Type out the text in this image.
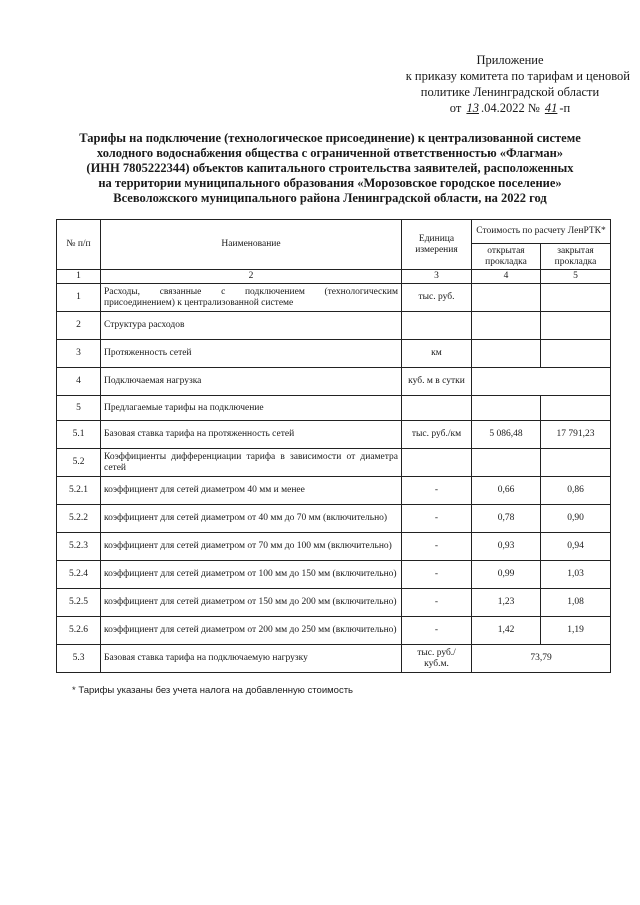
Приложение
к приказу комитета по тарифам и ценовой
политике Ленинградской области
от 13 .04.2022 № 41 -п
Тарифы на подключение (технологическое присоединение) к централизованной системе
холодного водоснабжения общества с ограниченной ответственностью «Флагман»
(ИНН 7805222344) объектов капитального строительства заявителей, расположенных
на территории муниципального образования «Морозовское городское поселение»
Всеволожского муниципального района Ленинградской области, на 2022 год
№ п/п	Наименование	Единица измерения	Стоимость по расчету ЛенРТК*	
			открытая прокладка	закрытая прокладка
1	2	3	4	5
1	Расходы, связанные с подключением (технологическим присоединением) к централизованной системе	тыс. руб.		
2	Структура расходов			
3	Протяженность сетей	км		
4	Подключаемая нагрузка	куб. м в сутки		
5	Предлагаемые тарифы на подключение			
5.1	Базовая ставка тарифа на протяженность сетей	тыс. руб./км	5 086,48	17 791,23
5.2	Коэффициенты дифференциации тарифа в зависимости от диаметра сетей			
5.2.1	коэффициент для сетей диаметром 40 мм и менее	-	0,66	0,86
5.2.2	коэффициент для сетей диаметром от 40 мм до 70 мм (включительно)	-	0,78	0,90
5.2.3	коэффициент для сетей диаметром от 70 мм до 100 мм (включительно)	-	0,93	0,94
5.2.4	коэффициент для сетей диаметром от 100 мм до 150 мм (включительно)	-	0,99	1,03
5.2.5	коэффициент для сетей диаметром от 150 мм до 200 мм (включительно)	-	1,23	1,08
5.2.6	коэффициент для сетей диаметром от 200 мм до 250 мм (включительно)	-	1,42	1,19
5.3	Базовая ставка тарифа на подключаемую нагрузку	тыс. руб./куб.м.	73,79	
* Тарифы указаны без учета налога на добавленную стоимость
